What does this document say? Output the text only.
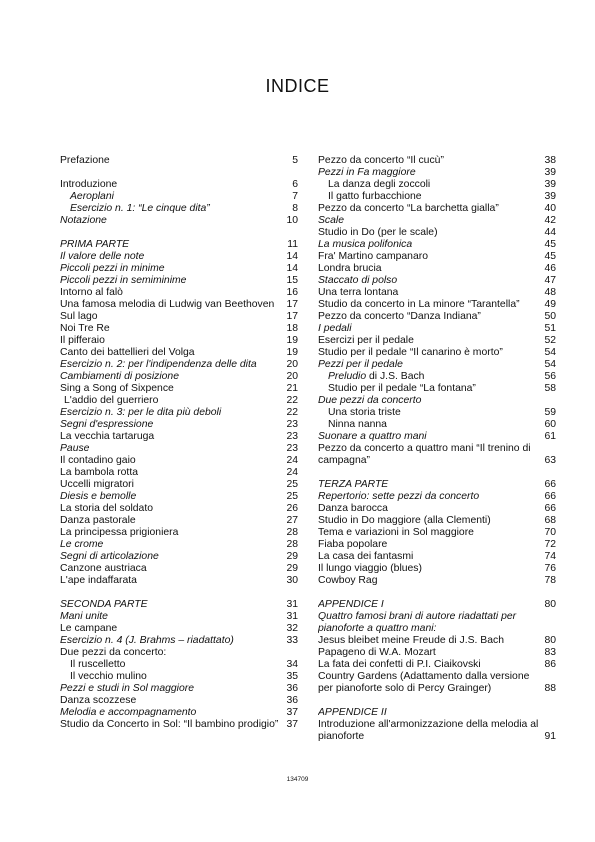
INDICE
Prefazione	5
Introduzione	6
Aeroplani	7
Esercizio n. 1: “Le cinque dita”	8
Notazione	10
PRIMA PARTE	11
Il valore delle note	14
Piccoli pezzi in minime	14
Piccoli pezzi in semiminime	15
Intorno al falò	16
Una famosa melodia di Ludwig van Beethoven	17
Sul lago	17
Noi Tre Re	18
Il pifferaio	19
Canto dei battellieri del Volga	19
Esercizio n. 2: per l'indipendenza delle dita	20
Cambiamenti di posizione	20
Sing a Song of Sixpence	21
L'addio del guerriero	22
Esercizio n. 3: per le dita più deboli	22
Segni d'espressione	23
La vecchia tartaruga	23
Pause	23
Il contadino gaio	24
La bambola rotta	24
Uccelli migratori	25
Diesis e bemolle	25
La storia del soldato	26
Danza pastorale	27
La principessa prigioniera	28
Le crome	28
Segni di articolazione	29
Canzone austriaca	29
L'ape indaffarata	30
SECONDA PARTE	31
Mani unite	31
Le campane	32
Esercizio n. 4 (J. Brahms – riadattato)	33
Due pezzi da concerto:
Il ruscelletto	34
Il vecchio mulino	35
Pezzi e studi in Sol maggiore	36
Danza scozzese	36
Melodia e accompagnamento	37
Studio da Concerto in Sol: “Il bambino prodigio” 37
Pezzo da concerto “Il cucù”	38
Pezzi in Fa maggiore	39
La danza degli zoccoli	39
Il gatto furbacchione	39
Pezzo da concerto “La barchetta gialla”	40
Scale	42
Studio in Do (per le scale)	44
La musica polifonica	45
Fra' Martino campanaro	45
Londra brucia	46
Staccato di polso	47
Una terra lontana	48
Studio da concerto in La minore “Tarantella”	49
Pezzo da concerto “Danza Indiana”	50
I pedali	51
Esercizi per il pedale	52
Studio per il pedale “Il canarino è morto”	54
Pezzi per il pedale	54
Preludio di J.S. Bach	56
Studio per il pedale “La fontana”	58
Due pezzi da concerto
Una storia triste	59
Ninna nanna	60
Suonare a quattro mani	61
Pezzo da concerto a quattro mani “Il trenino di campagna”	63
TERZA PARTE	66
Repertorio: sette pezzi da concerto	66
Danza barocca	66
Studio in Do maggiore (alla Clementi)	68
Tema e variazioni in Sol maggiore	70
Fiaba popolare	72
La casa dei fantasmi	74
Il lungo viaggio (blues)	76
Cowboy Rag	78
APPENDICE I	80
Quattro famosi brani di autore riadattati per pianoforte a quattro mani:
Jesus bleibet meine Freude di J.S. Bach	80
Papageno di W.A. Mozart	83
La fata dei confetti di P.I. Ciaikovski	86
Country Gardens (Adattamento dalla versione per pianoforte solo di Percy Grainger)	88
APPENDICE II
Introduzione all'armonizzazione della melodia al pianoforte	91
134709
